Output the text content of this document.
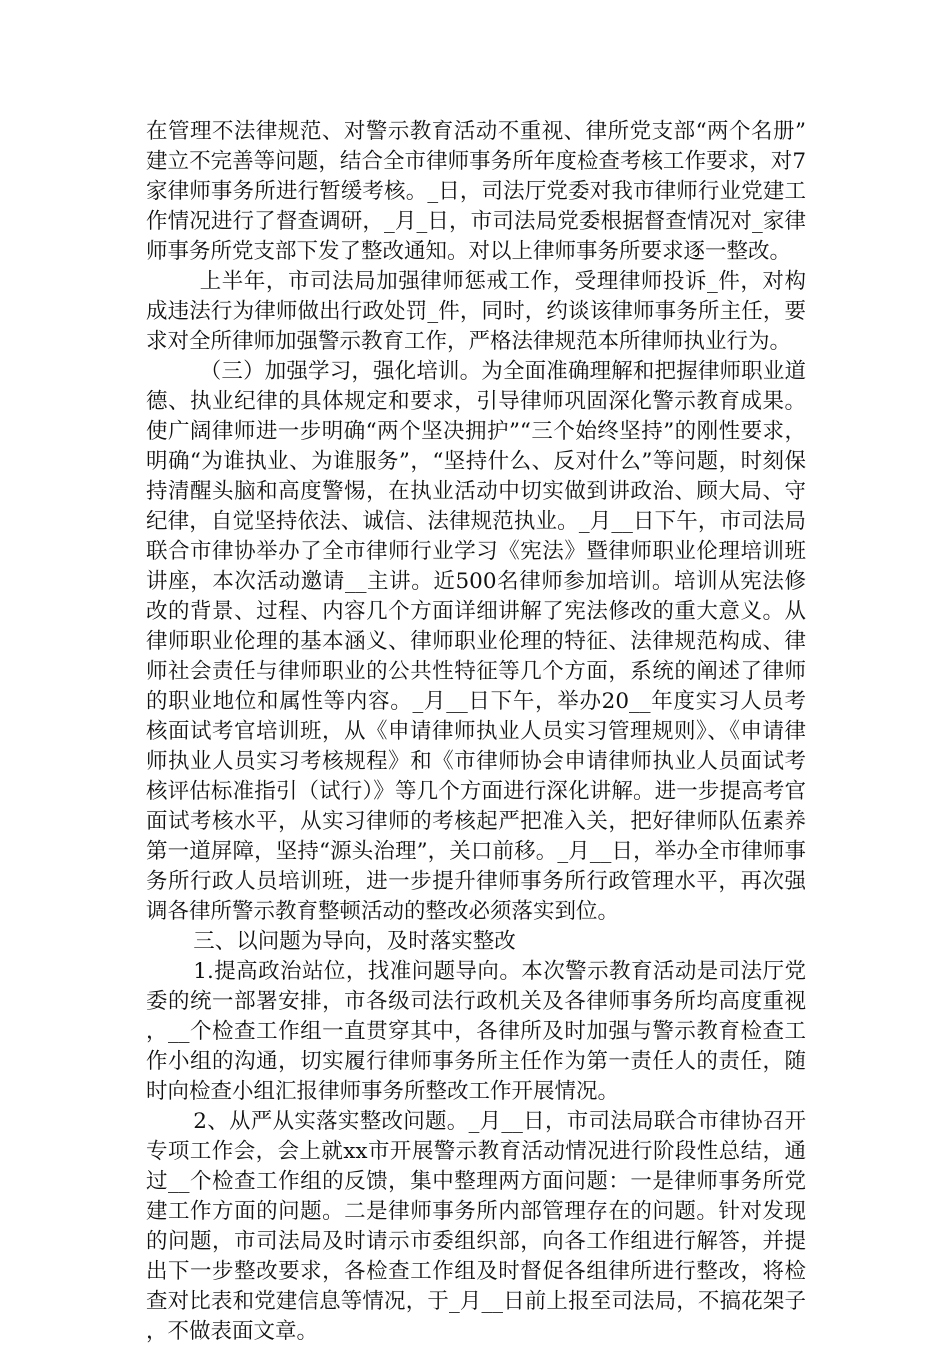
在管理不法律规范、对警示教育活动不重视、律所党支部“两个名册”建立不完善等问题，结合全市律师事务所年度检查考核工作要求，对7家律师事务所进行暂缓考核。_日，司法厅党委对我市律师行业党建工作情况进行了督查调研，_月_日，市司法局党委根据督查情况对_家律师事务所党支部下发了整改通知。对以上律师事务所要求逐一整改。

上半年，市司法局加强律师惩戒工作，受理律师投诉_件，对构成违法行为律师做出行政处罚_件，同时，约谈该律师事务所主任，要求对全所律师加强警示教育工作，严格法律规范本所律师执业行为。

（三）加强学习，强化培训。为全面准确理解和把握律师职业道德、执业纪律的具体规定和要求，引导律师巩固深化警示教育成果。使广阔律师进一步明确“两个坚决拥护”“三个始终坚持”的刚性要求，明确“为谁执业、为谁服务”，“坚持什么、反对什么”等问题，时刻保持清醒头脑和高度警惕，在执业活动中切实做到讲政治、顾大局、守纪律，自觉坚持依法、诚信、法律规范执业。_月__日下午，市司法局联合市律协举办了全市律师行业学习《宪法》暨律师职业伦理培训班讲座，本次活动邀请__主讲。近500名律师参加培训。培训从宪法修改的背景、过程、内容几个方面详细讲解了宪法修改的重大意义。从律师职业伦理的基本涵义、律师职业伦理的特征、法律规范构成、律师社会责任与律师职业的公共性特征等几个方面，系统的阐述了律师的职业地位和属性等内容。_月__日下午，举办20__年度实习人员考核面试考官培训班，从《申请律师执业人员实习管理规则》、《申请律师执业人员实习考核规程》和《市律师协会申请律师执业人员面试考核评估标准指引（试行）》等几个方面进行深化讲解。进一步提高考官面试考核水平，从实习律师的考核起严把准入关，把好律师队伍素养第一道屏障，坚持“源头治理”，关口前移。_月__日，举办全市律师事务所行政人员培训班，进一步提升律师事务所行政管理水平，再次强调各律所警示教育整顿活动的整改必须落实到位。

三、以问题为导向，及时落实整改

1.提高政治站位，找准问题导向。本次警示教育活动是司法厅党委的统一部署安排，市各级司法行政机关及各律师事务所均高度重视，__个检查工作组一直贯穿其中，各律所及时加强与警示教育检查工作小组的沟通，切实履行律师事务所主任作为第一责任人的责任，随时向检查小组汇报律师事务所整改工作开展情况。

2、从严从实落实整改问题。_月__日，市司法局联合市律协召开专项工作会，会上就xx市开展警示教育活动情况进行阶段性总结，通过__个检查工作组的反馈，集中整理两方面问题：一是律师事务所党建工作方面的问题。二是律师事务所内部管理存在的问题。针对发现的问题，市司法局及时请示市委组织部，向各工作组进行解答，并提出下一步整改要求，各检查工作组及时督促各组律所进行整改，将检查对比表和党建信息等情况，于_月__日前上报至司法局，不搞花架子，不做表面文章。
